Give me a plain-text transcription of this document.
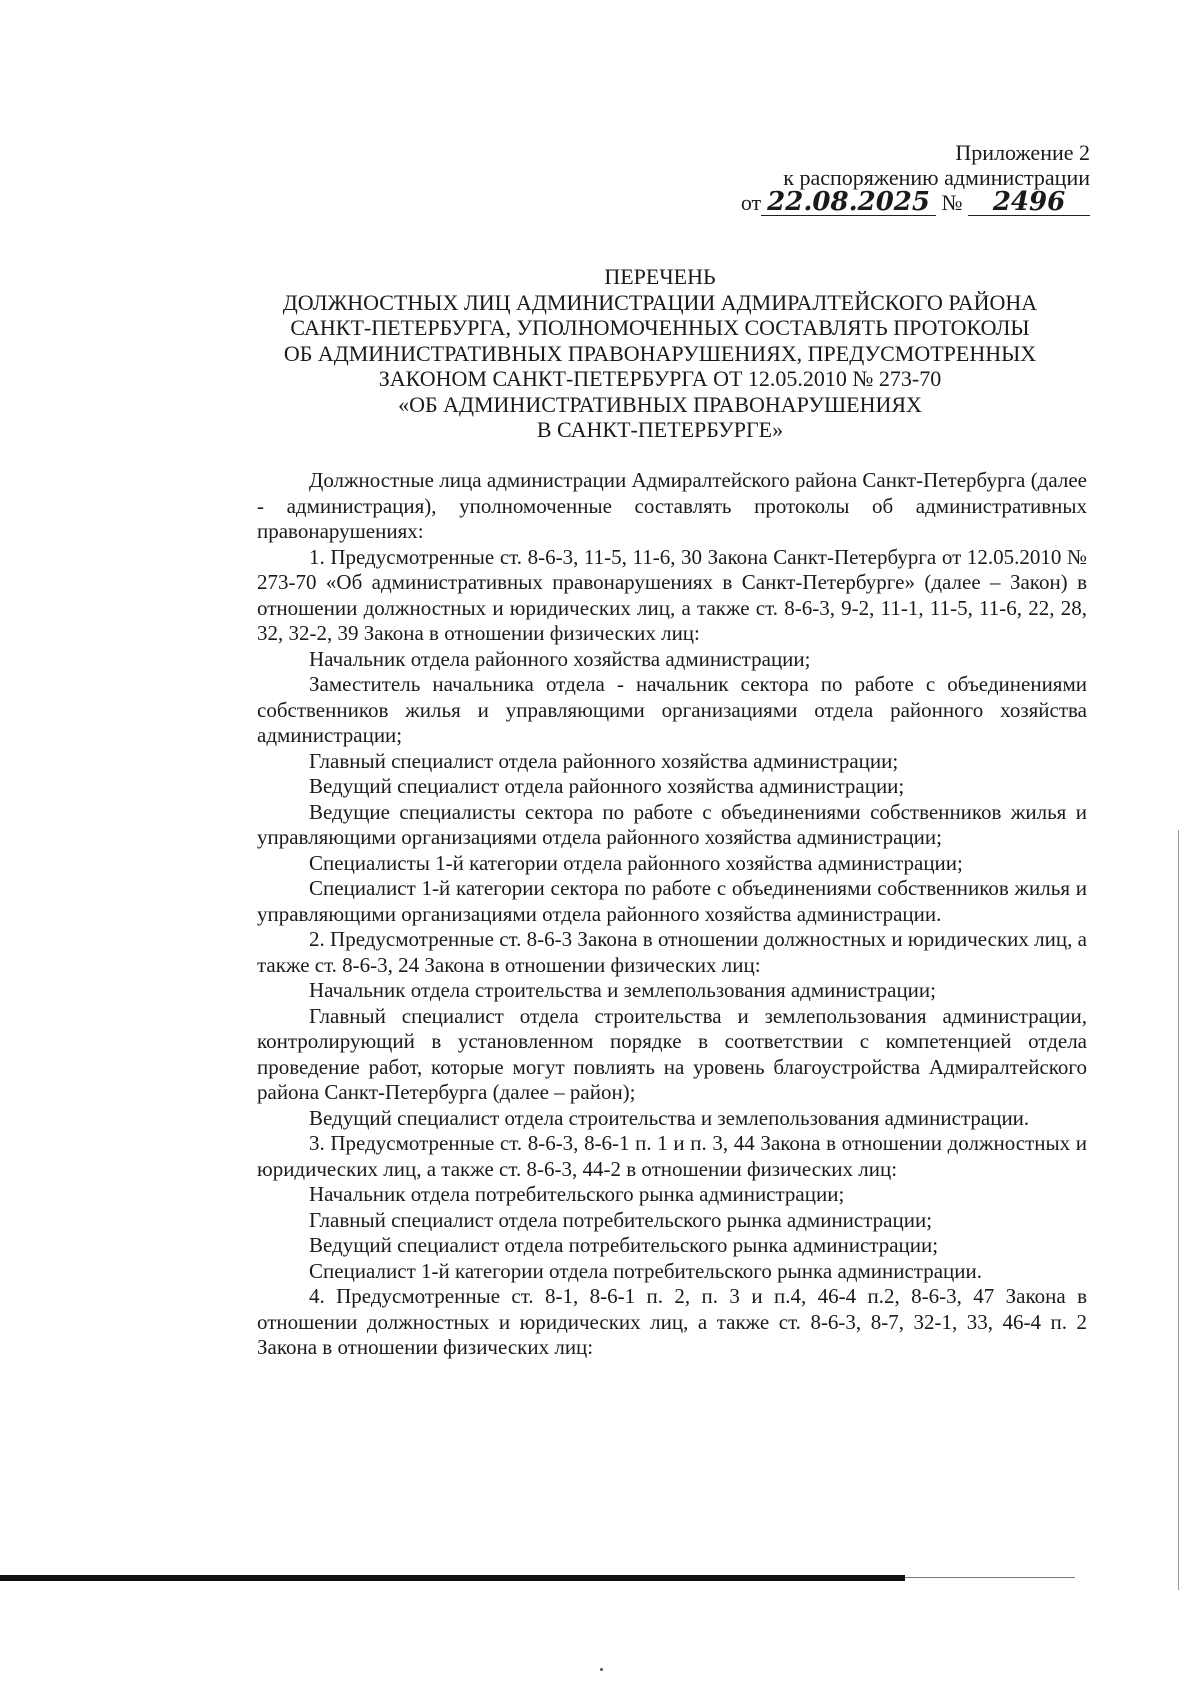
Приложение 2
к распоряжению администрации
от 22.08.2025 № 2496
ПЕРЕЧЕНЬ
ДОЛЖНОСТНЫХ ЛИЦ АДМИНИСТРАЦИИ АДМИРАЛТЕЙСКОГО РАЙОНА
САНКТ-ПЕТЕРБУРГА, УПОЛНОМОЧЕННЫХ СОСТАВЛЯТЬ ПРОТОКОЛЫ
ОБ АДМИНИСТРАТИВНЫХ ПРАВОНАРУШЕНИЯХ, ПРЕДУСМОТРЕННЫХ
ЗАКОНОМ САНКТ-ПЕТЕРБУРГА ОТ 12.05.2010 № 273-70
«ОБ АДМИНИСТРАТИВНЫХ ПРАВОНАРУШЕНИЯХ
В САНКТ-ПЕТЕРБУРГЕ»

Должностные лица администрации Адмиралтейского района Санкт-Петербурга (далее - администрация), уполномоченные составлять протоколы об административных правонарушениях:

1. Предусмотренные ст. 8-6-3, 11-5, 11-6, 30 Закона Санкт-Петербурга от 12.05.2010 № 273-70 «Об административных правонарушениях в Санкт-Петербурге» (далее – Закон) в отношении должностных и юридических лиц, а также ст. 8-6-3, 9-2, 11-1, 11-5, 11-6, 22, 28, 32, 32-2, 39 Закона в отношении физических лиц:

Начальник отдела районного хозяйства администрации;

Заместитель начальника отдела - начальник сектора по работе с объединениями собственников жилья и управляющими организациями отдела районного хозяйства администрации;

Главный специалист отдела районного хозяйства администрации;

Ведущий специалист отдела районного хозяйства администрации;

Ведущие специалисты сектора по работе с объединениями собственников жилья и управляющими организациями отдела районного хозяйства администрации;

Специалисты 1-й категории отдела районного хозяйства администрации;

Специалист 1-й категории сектора по работе с объединениями собственников жилья и управляющими организациями отдела районного хозяйства администрации.

2. Предусмотренные ст. 8-6-3 Закона в отношении должностных и юридических лиц, а также ст. 8-6-3, 24 Закона в отношении физических лиц:

Начальник отдела строительства и землепользования администрации;

Главный специалист отдела строительства и землепользования администрации, контролирующий в установленном порядке в соответствии с компетенцией отдела проведение работ, которые могут повлиять на уровень благоустройства Адмиралтейского района Санкт-Петербурга (далее – район);

Ведущий специалист отдела строительства и землепользования администрации.

3. Предусмотренные ст. 8-6-3, 8-6-1 п. 1 и п. 3, 44 Закона в отношении должностных и юридических лиц, а также ст. 8-6-3, 44-2 в отношении физических лиц:

Начальник отдела потребительского рынка администрации;

Главный специалист отдела потребительского рынка администрации;

Ведущий специалист отдела потребительского рынка администрации;

Специалист 1-й категории отдела потребительского рынка администрации.

4. Предусмотренные ст. 8-1, 8-6-1 п. 2, п. 3 и п.4, 46-4 п.2, 8-6-3, 47 Закона в отношении должностных и юридических лиц, а также ст. 8-6-3, 8-7, 32-1, 33, 46-4 п. 2 Закона в отношении физических лиц:
